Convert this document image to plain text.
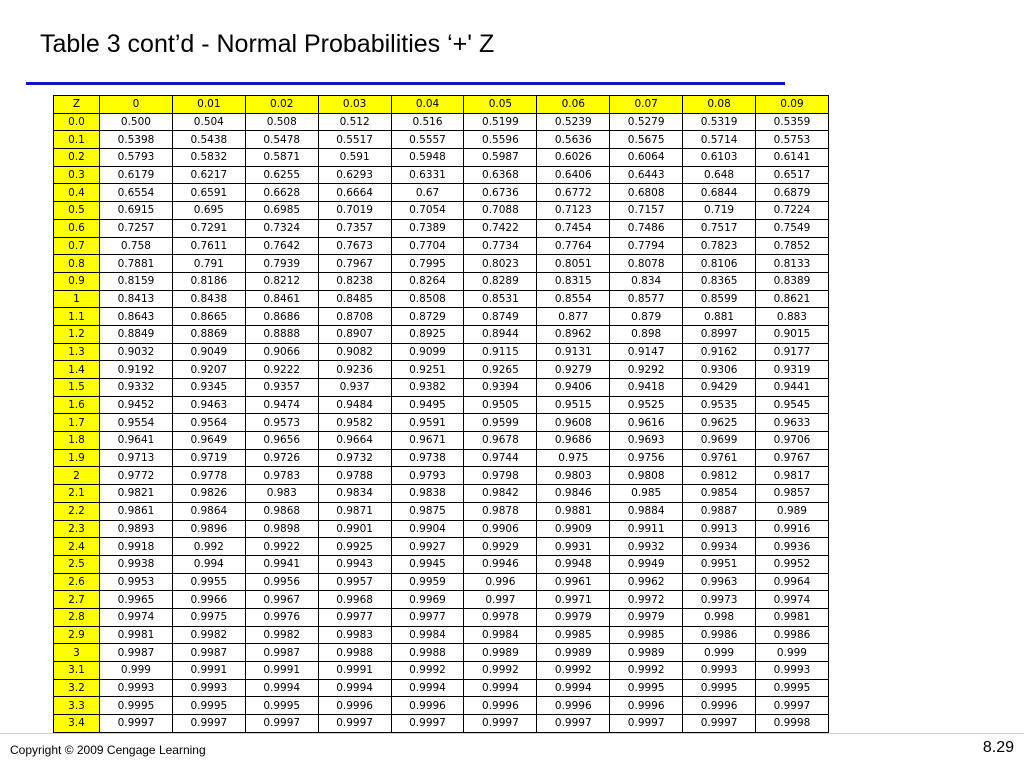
Table 3 cont’d - Normal Probabilities ‘+' Z
Z	0	0.01	0.02	0.03	0.04	0.05	0.06	0.07	0.08	0.09
0.0	0.500	0.504	0.508	0.512	0.516	0.5199	0.5239	0.5279	0.5319	0.5359
0.1	0.5398	0.5438	0.5478	0.5517	0.5557	0.5596	0.5636	0.5675	0.5714	0.5753
0.2	0.5793	0.5832	0.5871	0.591	0.5948	0.5987	0.6026	0.6064	0.6103	0.6141
0.3	0.6179	0.6217	0.6255	0.6293	0.6331	0.6368	0.6406	0.6443	0.648	0.6517
0.4	0.6554	0.6591	0.6628	0.6664	0.67	0.6736	0.6772	0.6808	0.6844	0.6879
0.5	0.6915	0.695	0.6985	0.7019	0.7054	0.7088	0.7123	0.7157	0.719	0.7224
0.6	0.7257	0.7291	0.7324	0.7357	0.7389	0.7422	0.7454	0.7486	0.7517	0.7549
0.7	0.758	0.7611	0.7642	0.7673	0.7704	0.7734	0.7764	0.7794	0.7823	0.7852
0.8	0.7881	0.791	0.7939	0.7967	0.7995	0.8023	0.8051	0.8078	0.8106	0.8133
0.9	0.8159	0.8186	0.8212	0.8238	0.8264	0.8289	0.8315	0.834	0.8365	0.8389
1	0.8413	0.8438	0.8461	0.8485	0.8508	0.8531	0.8554	0.8577	0.8599	0.8621
1.1	0.8643	0.8665	0.8686	0.8708	0.8729	0.8749	0.877	0.879	0.881	0.883
1.2	0.8849	0.8869	0.8888	0.8907	0.8925	0.8944	0.8962	0.898	0.8997	0.9015
1.3	0.9032	0.9049	0.9066	0.9082	0.9099	0.9115	0.9131	0.9147	0.9162	0.9177
1.4	0.9192	0.9207	0.9222	0.9236	0.9251	0.9265	0.9279	0.9292	0.9306	0.9319
1.5	0.9332	0.9345	0.9357	0.937	0.9382	0.9394	0.9406	0.9418	0.9429	0.9441
1.6	0.9452	0.9463	0.9474	0.9484	0.9495	0.9505	0.9515	0.9525	0.9535	0.9545
1.7	0.9554	0.9564	0.9573	0.9582	0.9591	0.9599	0.9608	0.9616	0.9625	0.9633
1.8	0.9641	0.9649	0.9656	0.9664	0.9671	0.9678	0.9686	0.9693	0.9699	0.9706
1.9	0.9713	0.9719	0.9726	0.9732	0.9738	0.9744	0.975	0.9756	0.9761	0.9767
2	0.9772	0.9778	0.9783	0.9788	0.9793	0.9798	0.9803	0.9808	0.9812	0.9817
2.1	0.9821	0.9826	0.983	0.9834	0.9838	0.9842	0.9846	0.985	0.9854	0.9857
2.2	0.9861	0.9864	0.9868	0.9871	0.9875	0.9878	0.9881	0.9884	0.9887	0.989
2.3	0.9893	0.9896	0.9898	0.9901	0.9904	0.9906	0.9909	0.9911	0.9913	0.9916
2.4	0.9918	0.992	0.9922	0.9925	0.9927	0.9929	0.9931	0.9932	0.9934	0.9936
2.5	0.9938	0.994	0.9941	0.9943	0.9945	0.9946	0.9948	0.9949	0.9951	0.9952
2.6	0.9953	0.9955	0.9956	0.9957	0.9959	0.996	0.9961	0.9962	0.9963	0.9964
2.7	0.9965	0.9966	0.9967	0.9968	0.9969	0.997	0.9971	0.9972	0.9973	0.9974
2.8	0.9974	0.9975	0.9976	0.9977	0.9977	0.9978	0.9979	0.9979	0.998	0.9981
2.9	0.9981	0.9982	0.9982	0.9983	0.9984	0.9984	0.9985	0.9985	0.9986	0.9986
3	0.9987	0.9987	0.9987	0.9988	0.9988	0.9989	0.9989	0.9989	0.999	0.999
3.1	0.999	0.9991	0.9991	0.9991	0.9992	0.9992	0.9992	0.9992	0.9993	0.9993
3.2	0.9993	0.9993	0.9994	0.9994	0.9994	0.9994	0.9994	0.9995	0.9995	0.9995
3.3	0.9995	0.9995	0.9995	0.9996	0.9996	0.9996	0.9996	0.9996	0.9996	0.9997
3.4	0.9997	0.9997	0.9997	0.9997	0.9997	0.9997	0.9997	0.9997	0.9997	0.9998
Copyright © 2009 Cengage Learning	8.29
